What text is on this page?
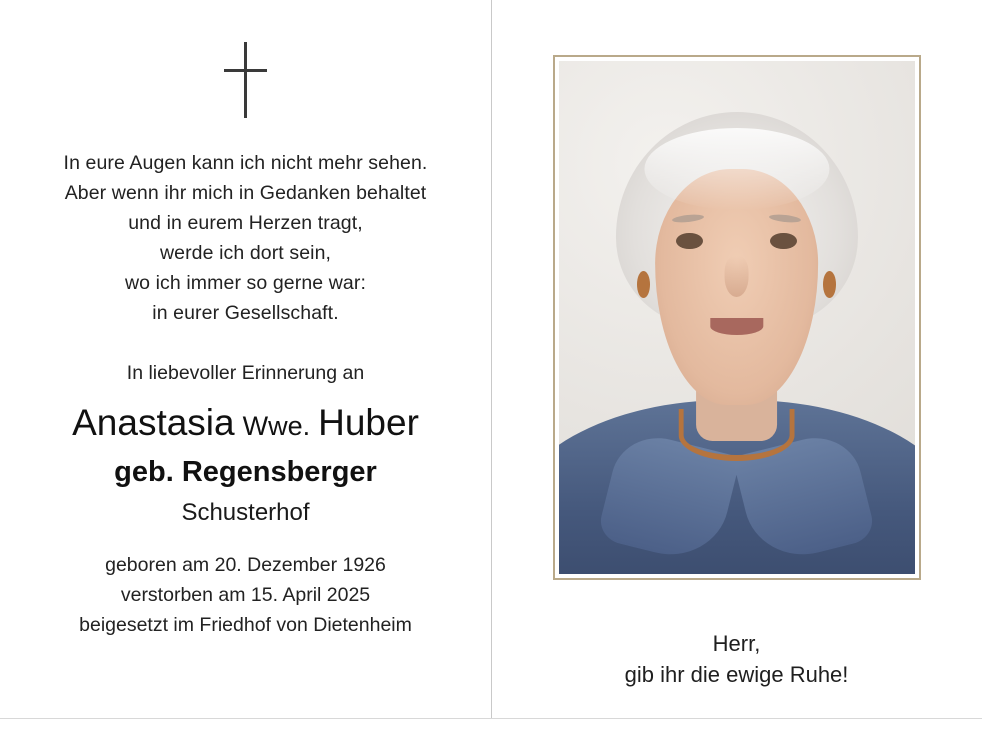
In eure Augen kann ich nicht mehr sehen.
Aber wenn ihr mich in Gedanken behaltet
und in eurem Herzen tragt,
werde ich dort sein,
wo ich immer so gerne war:
in eurer Gesellschaft.
In liebevoller Erinnerung an
Anastasia Wwe. Huber
geb. Regensberger
Schusterhof
geboren am 20. Dezember 1926
verstorben am 15. April 2025
beigesetzt im Friedhof von Dietenheim
Herr,
gib ihr die ewige Ruhe!
